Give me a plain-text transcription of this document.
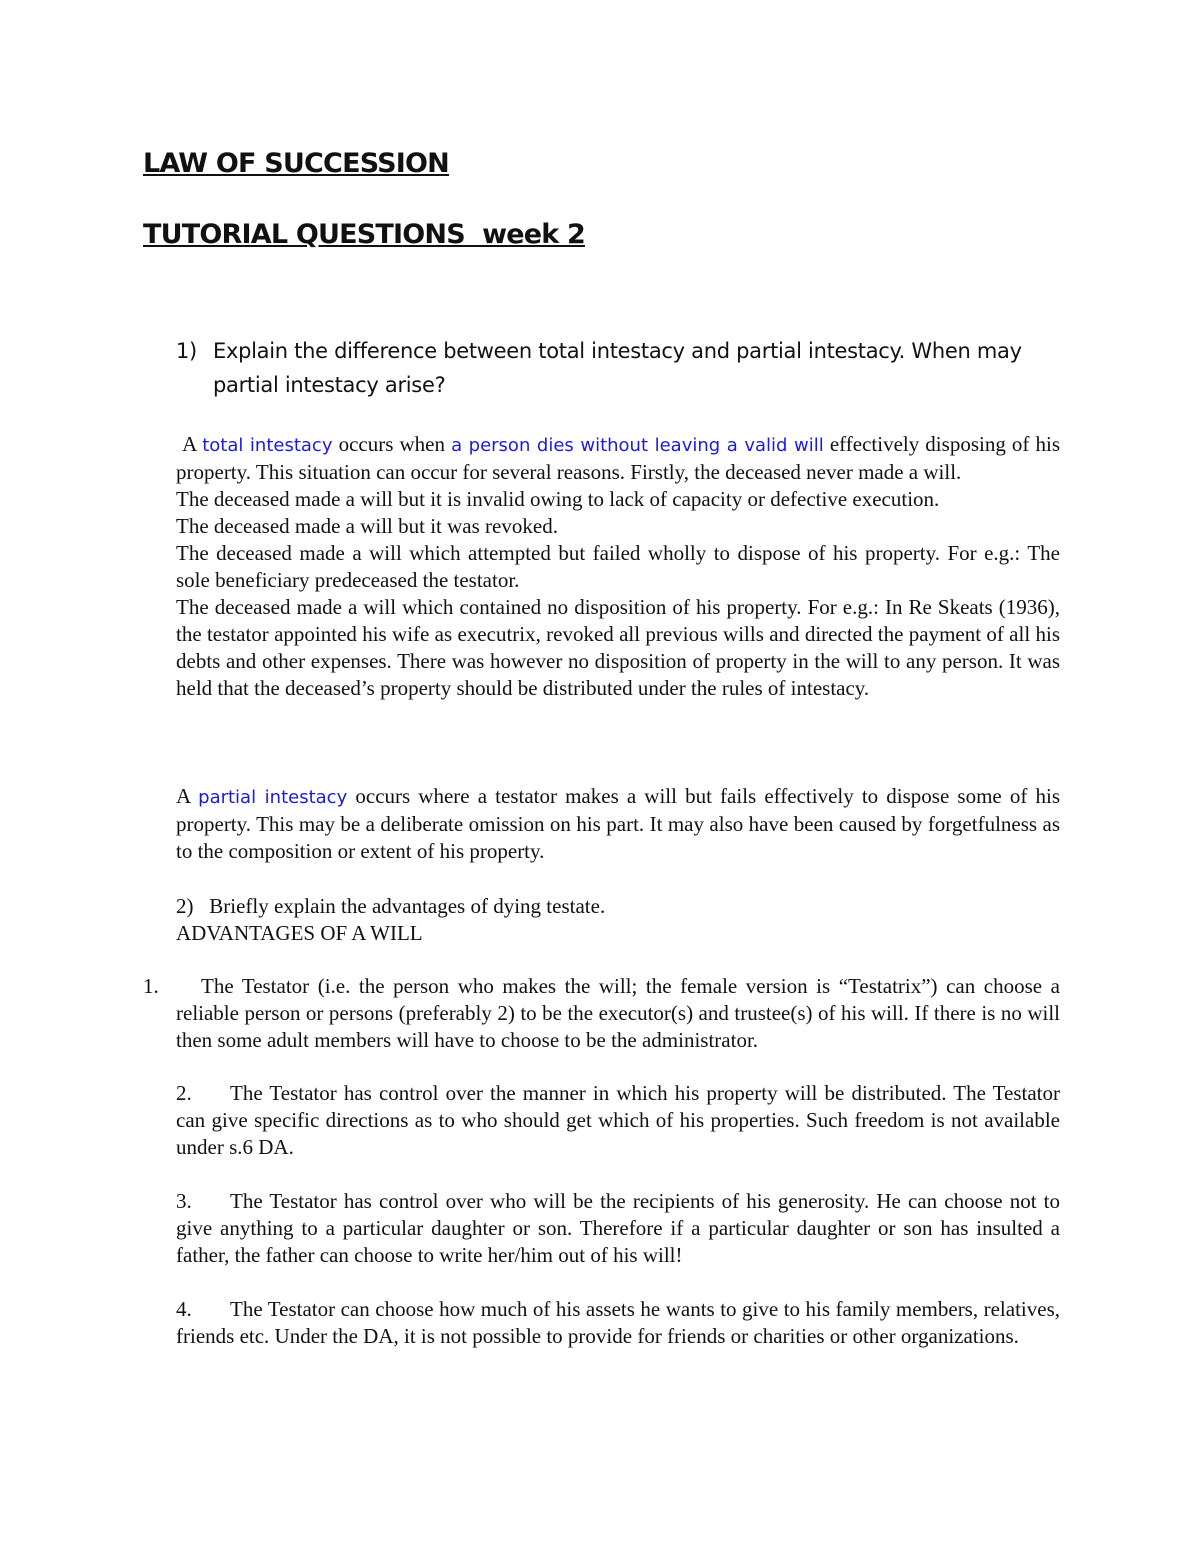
LAW OF SUCCESSION
TUTORIAL QUESTIONS  week 2

1) Explain the difference between total intestacy and partial intestacy. When may partial intestacy arise?

A total intestacy occurs when a person dies without leaving a valid will effectively disposing of his property. This situation can occur for several reasons. Firstly, the deceased never made a will.
The deceased made a will but it is invalid owing to lack of capacity or defective execution.
The deceased made a will but it was revoked.
The deceased made a will which attempted but failed wholly to dispose of his property. For e.g.: The sole beneficiary predeceased the testator.
The deceased made a will which contained no disposition of his property. For e.g.: In Re Skeats (1936), the testator appointed his wife as executrix, revoked all previous wills and directed the payment of all his debts and other expenses. There was however no disposition of property in the will to any person. It was held that the deceased’s property should be distributed under the rules of intestacy.
A partial intestacy occurs where a testator makes a will but fails effectively to dispose some of his property. This may be a deliberate omission on his part. It may also have been caused by forgetfulness as to the composition or extent of his property.

2)   Briefly explain the advantages of dying testate.

ADVANTAGES OF A WILL

1. The Testator (i.e. the person who makes the will; the female version is “Testatrix”) can choose a reliable person or persons (preferably 2) to be the executor(s) and trustee(s) of his will. If there is no will then some adult members will have to choose to be the administrator.

2. The Testator has control over the manner in which his property will be distributed. The Testator can give specific directions as to who should get which of his properties. Such freedom is not available under s.6 DA.

3. The Testator has control over who will be the recipients of his generosity. He can choose not to give anything to a particular daughter or son. Therefore if a particular daughter or son has insulted a father, the father can choose to write her/him out of his will!

4. The Testator can choose how much of his assets he wants to give to his family members, relatives, friends etc. Under the DA, it is not possible to provide for friends or charities or other organizations.
